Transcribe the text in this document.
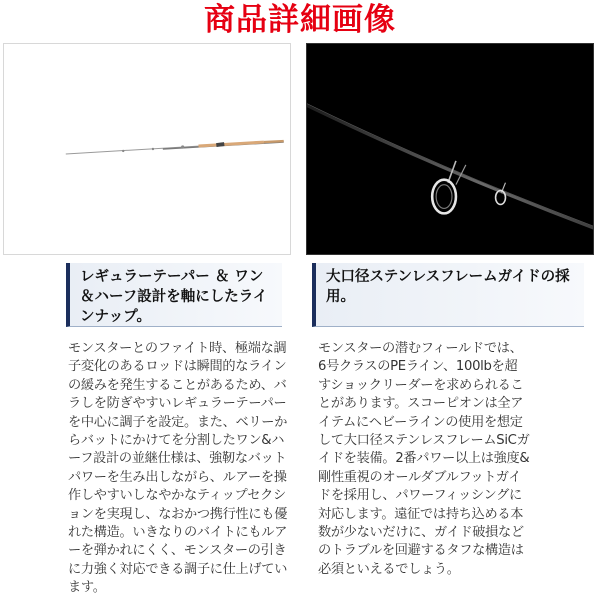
商品詳細画像
レギュラーテーパー ＆ ワン＆ハーフ設計を軸にしたラインナップ。
大口径ステンレスフレームガイドの採用。
モンスターとのファイト時、極端な調子変化のあるロッドは瞬間的なラインの緩みを発生することがあるため、バラしを防ぎやすいレギュラーテーパーを中心に調子を設定。また、ベリーからバットにかけてを分割したワン&ハーフ設計の並継仕様は、強靭なバットパワーを生み出しながら、ルアーを操作しやすいしなやかなティップセクションを実現し、なおかつ携行性にも優れた構造。いきなりのバイトにもルアーを弾かれにくく、モンスターの引きに力強く対応できる調子に仕上げています。
モンスターの潜むフィールドでは、6号クラスのPEライン、100lbを超すショックリーダーを求められることがあります。スコーピオンは全アイテムにヘビーラインの使用を想定して大口径ステンレスフレームSiCガイドを装備。2番パワー以上は強度&剛性重視のオールダブルフットガイドを採用し、パワーフィッシングに対応します。遠征では持ち込める本数が少ないだけに、ガイド破損などのトラブルを回避するタフな構造は必須といえるでしょう。
